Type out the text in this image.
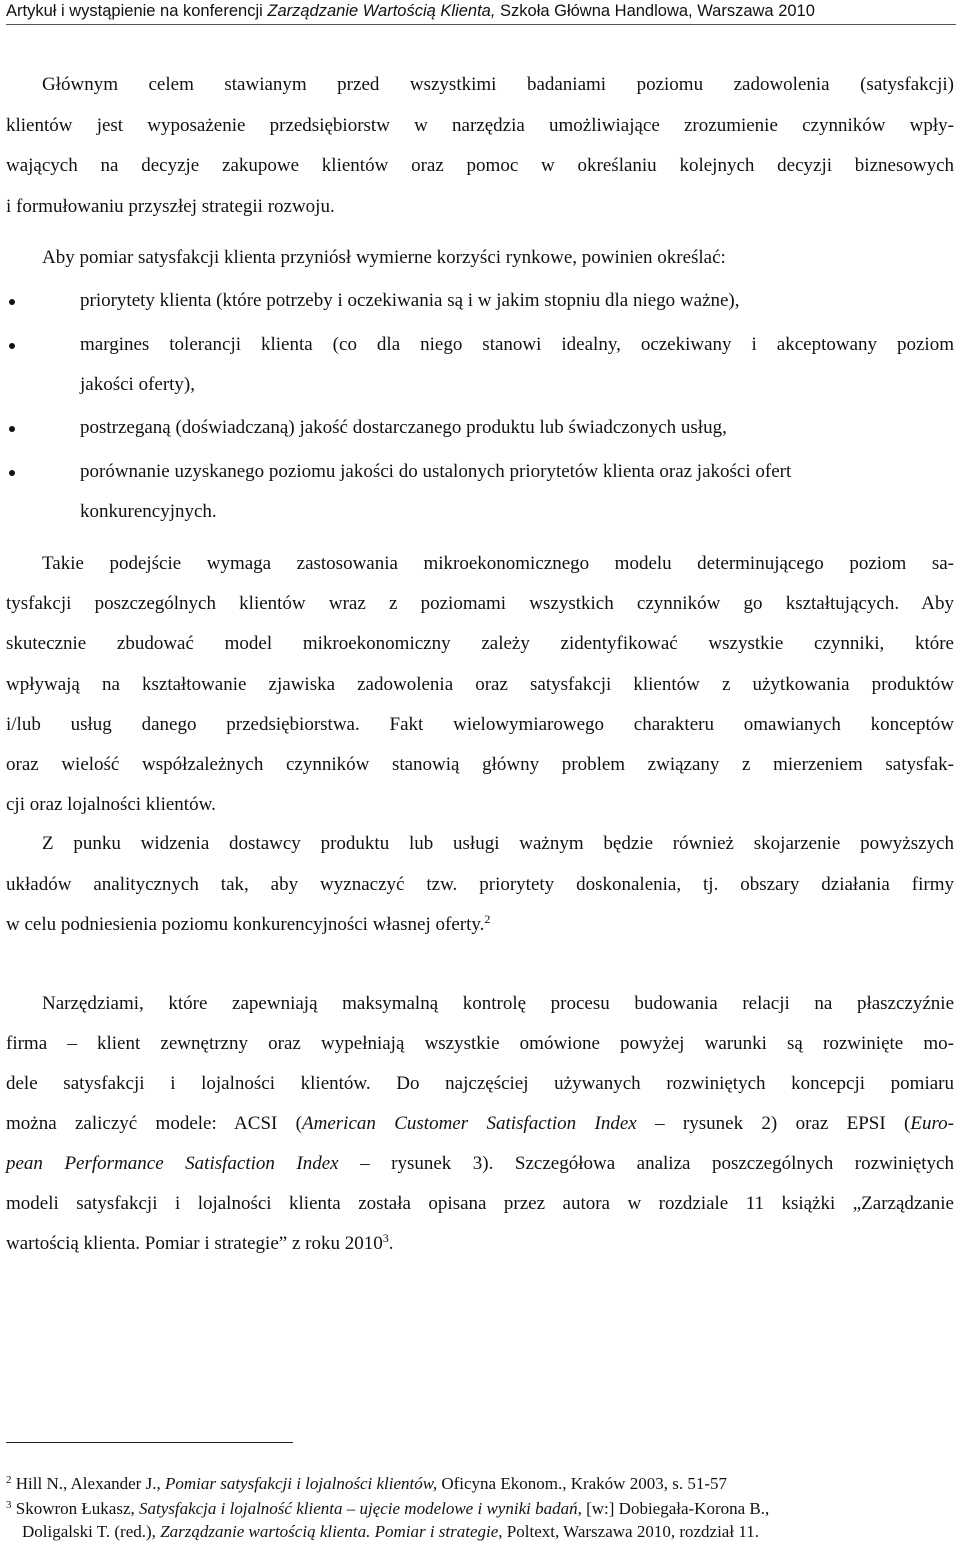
Artykuł i wystąpienie na konferencji Zarządzanie Wartością Klienta, Szkoła Główna Handlowa, Warszawa 2010
Głównym celem stawianym przed wszystkimi badaniami poziomu zadowolenia (satysfakcji)
klientów jest wyposażenie przedsiębiorstw w narzędzia umożliwiające zrozumienie czynników wpły-
wających na decyzje zakupowe klientów oraz pomoc w określaniu kolejnych decyzji biznesowych
i formułowaniu przyszłej strategii rozwoju.
Aby pomiar satysfakcji klienta przyniósł wymierne korzyści rynkowe, powinien określać:
priorytety klienta (które potrzeby i oczekiwania są i w jakim stopniu dla niego ważne),
margines tolerancji klienta (co dla niego stanowi idealny, oczekiwany i akceptowany poziom
jakości oferty),
postrzeganą (doświadczaną) jakość dostarczanego produktu lub świadczonych usług,
porównanie uzyskanego poziomu jakości do ustalonych priorytetów klienta oraz jakości ofert
konkurencyjnych.
Takie podejście wymaga zastosowania mikroekonomicznego modelu determinującego poziom sa-
tysfakcji poszczególnych klientów wraz z poziomami wszystkich czynników go kształtujących. Aby
skutecznie zbudować model mikroekonomiczny zależy zidentyfikować wszystkie czynniki, które
wpływają na kształtowanie zjawiska zadowolenia oraz satysfakcji klientów z użytkowania produktów
i/lub usług danego przedsiębiorstwa. Fakt wielowymiarowego charakteru omawianych konceptów
oraz wielość współzależnych czynników stanowią główny problem związany z mierzeniem satysfak-
cji oraz lojalności klientów.
Z punku widzenia dostawcy produktu lub usługi ważnym będzie również skojarzenie powyższych
układów analitycznych tak, aby wyznaczyć tzw. priorytety doskonalenia, tj. obszary działania firmy
w celu podniesienia poziomu konkurencyjności własnej oferty.$^2$
Narzędziami, które zapewniają maksymalną kontrolę procesu budowania relacji na płaszczyźnie
firma – klient zewnętrzny oraz wypełniają wszystkie omówione powyżej warunki są rozwinięte mo-
dele satysfakcji i lojalności klientów. Do najczęściej używanych rozwiniętych koncepcji pomiaru
można zaliczyć modele: ACSI (American Customer Satisfaction Index – rysunek 2) oraz EPSI (Euro-
pean Performance Satisfaction Index – rysunek 3). Szczegółowa analiza poszczególnych rozwiniętych
modeli satysfakcji i lojalności klienta została opisana przez autora w rozdziale 11 książki „Zarządzanie
wartością klienta. Pomiar i strategie” z roku 2010$^3$.
$^2$ Hill N., Alexander J., Pomiar satysfakcji i lojalności klientów, Oficyna Ekonom., Kraków 2003, s. 51-57
$^3$ Skowron Łukasz, Satysfakcja i lojalność klienta – ujęcie modelowe i wyniki badań, [w:] Dobiegała-Korona B.,
Doligalski T. (red.), Zarządzanie wartością klienta. Pomiar i strategie, Poltext, Warszawa 2010, rozdział 11.
